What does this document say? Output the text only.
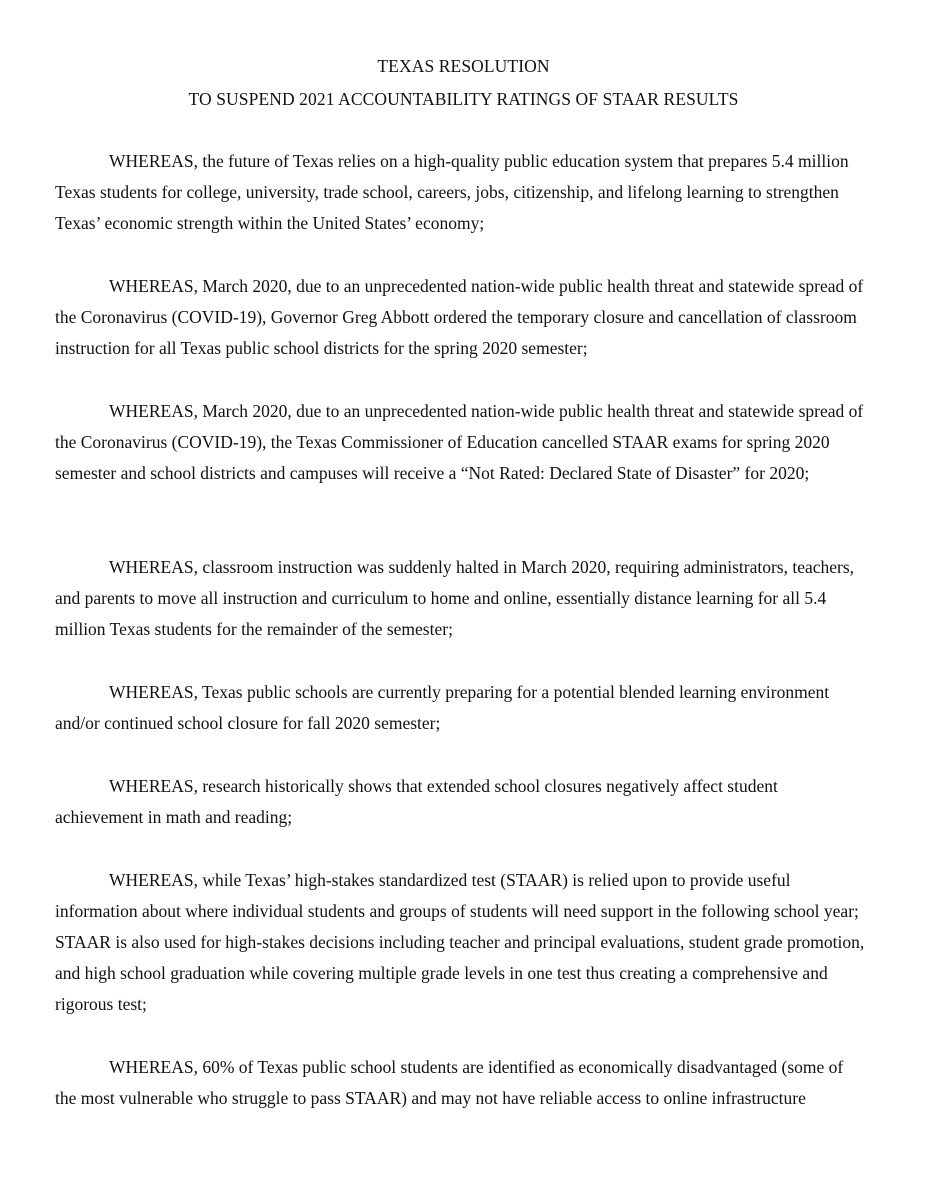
TEXAS RESOLUTION
TO SUSPEND 2021 ACCOUNTABILITY RATINGS OF STAAR RESULTS

WHEREAS, the future of Texas relies on a high-quality public education system that prepares 5.4 million Texas students for college, university, trade school, careers, jobs, citizenship, and lifelong learning to strengthen Texas’ economic strength within the United States’ economy;

WHEREAS, March 2020, due to an unprecedented nation-wide public health threat and statewide spread of the Coronavirus (COVID-19), Governor Greg Abbott ordered the temporary closure and cancellation of classroom instruction for all Texas public school districts for the spring 2020 semester;

WHEREAS, March 2020, due to an unprecedented nation-wide public health threat and statewide spread of the Coronavirus (COVID-19), the Texas Commissioner of Education cancelled STAAR exams for spring 2020 semester and school districts and campuses will receive a “Not Rated: Declared State of Disaster” for 2020;

WHEREAS, classroom instruction was suddenly halted in March 2020, requiring administrators, teachers, and parents to move all instruction and curriculum to home and online, essentially distance learning for all 5.4 million Texas students for the remainder of the semester;

WHEREAS, Texas public schools are currently preparing for a potential blended learning environment and/or continued school closure for fall 2020 semester;

WHEREAS, research historically shows that extended school closures negatively affect student achievement in math and reading;

WHEREAS, while Texas’ high-stakes standardized test (STAAR) is relied upon to provide useful information about where individual students and groups of students will need support in the following school year; STAAR is also used for high-stakes decisions including teacher and principal evaluations, student grade promotion, and high school graduation while covering multiple grade levels in one test thus creating a comprehensive and rigorous test;

WHEREAS, 60% of Texas public school students are identified as economically disadvantaged (some of the most vulnerable who struggle to pass STAAR) and may not have reliable access to online infrastructure
